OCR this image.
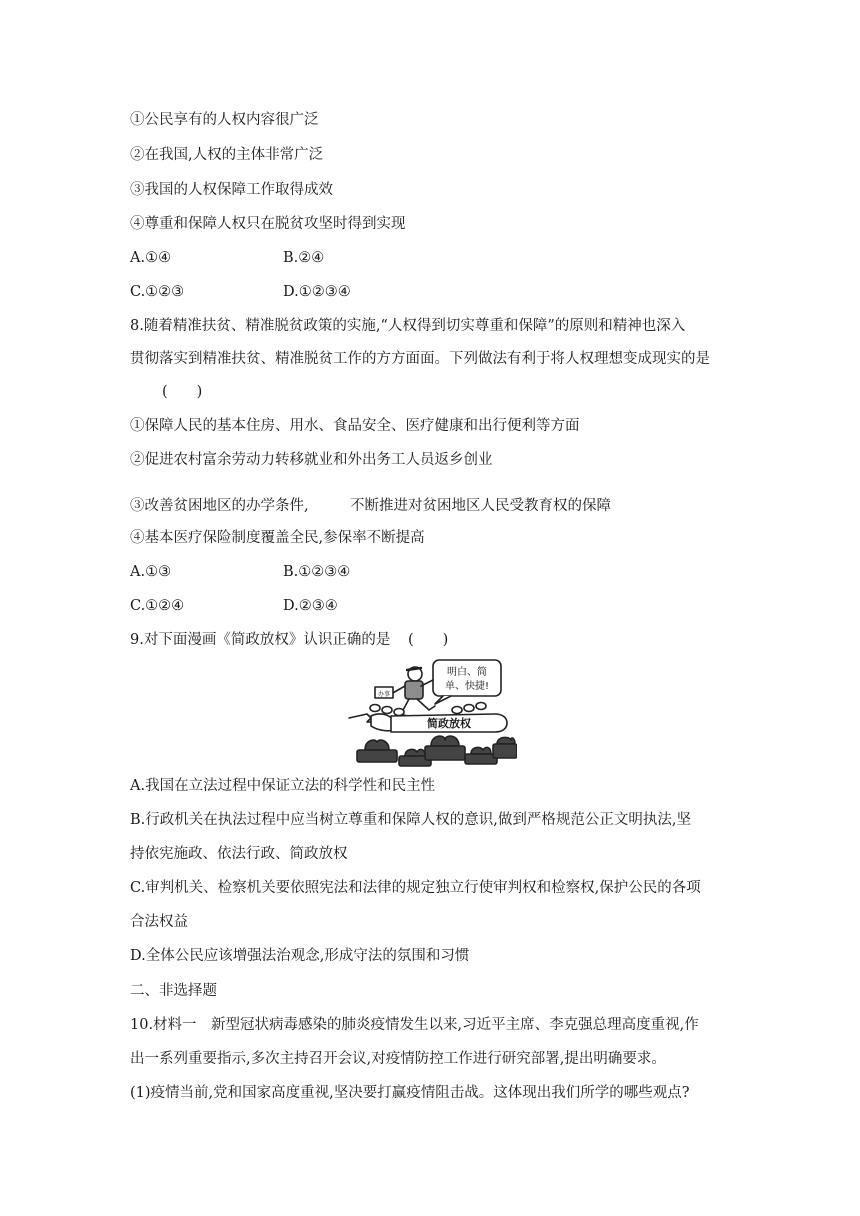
①公民享有的人权内容很广泛
②在我国,人权的主体非常广泛
③我国的人权保障工作取得成效
④尊重和保障人权只在脱贫攻坚时得到实现
A.①④	B.②④
C.①②③	D.①②③④
8.随着精准扶贫、精准脱贫政策的实施,“人权得到切实尊重和保障”的原则和精神也深入
贯彻落实到精准扶贫、精准脱贫工作的方方面面。下列做法有利于将人权理想变成现实的是
(　　)
①保障人民的基本住房、用水、食品安全、医疗健康和出行便利等方面
②促进农村富余劳动力转移就业和外出务工人员返乡创业
③改善贫困地区的办学条件,	不断推进对贫困地区人民受教育权的保障
④基本医疗保险制度覆盖全民,参保率不断提高
A.①③	B.①②③④
C.①②④	D.②③④
9.对下面漫画《简政放权》认识正确的是 (　　)
明白、简
单、快捷!
办事
简政放权
A.我国在立法过程中保证立法的科学性和民主性
B.行政机关在执法过程中应当树立尊重和保障人权的意识,做到严格规范公正文明执法,坚
持依宪施政、依法行政、简政放权
C.审判机关、检察机关要依照宪法和法律的规定独立行使审判权和检察权,保护公民的各项
合法权益
D.全体公民应该增强法治观念,形成守法的氛围和习惯
二、非选择题
10.材料一　新型冠状病毒感染的肺炎疫情发生以来,习近平主席、李克强总理高度重视,作
出一系列重要指示,多次主持召开会议,对疫情防控工作进行研究部署,提出明确要求。
(1)疫情当前,党和国家高度重视,坚决要打赢疫情阻击战。这体现出我们所学的哪些观点?
